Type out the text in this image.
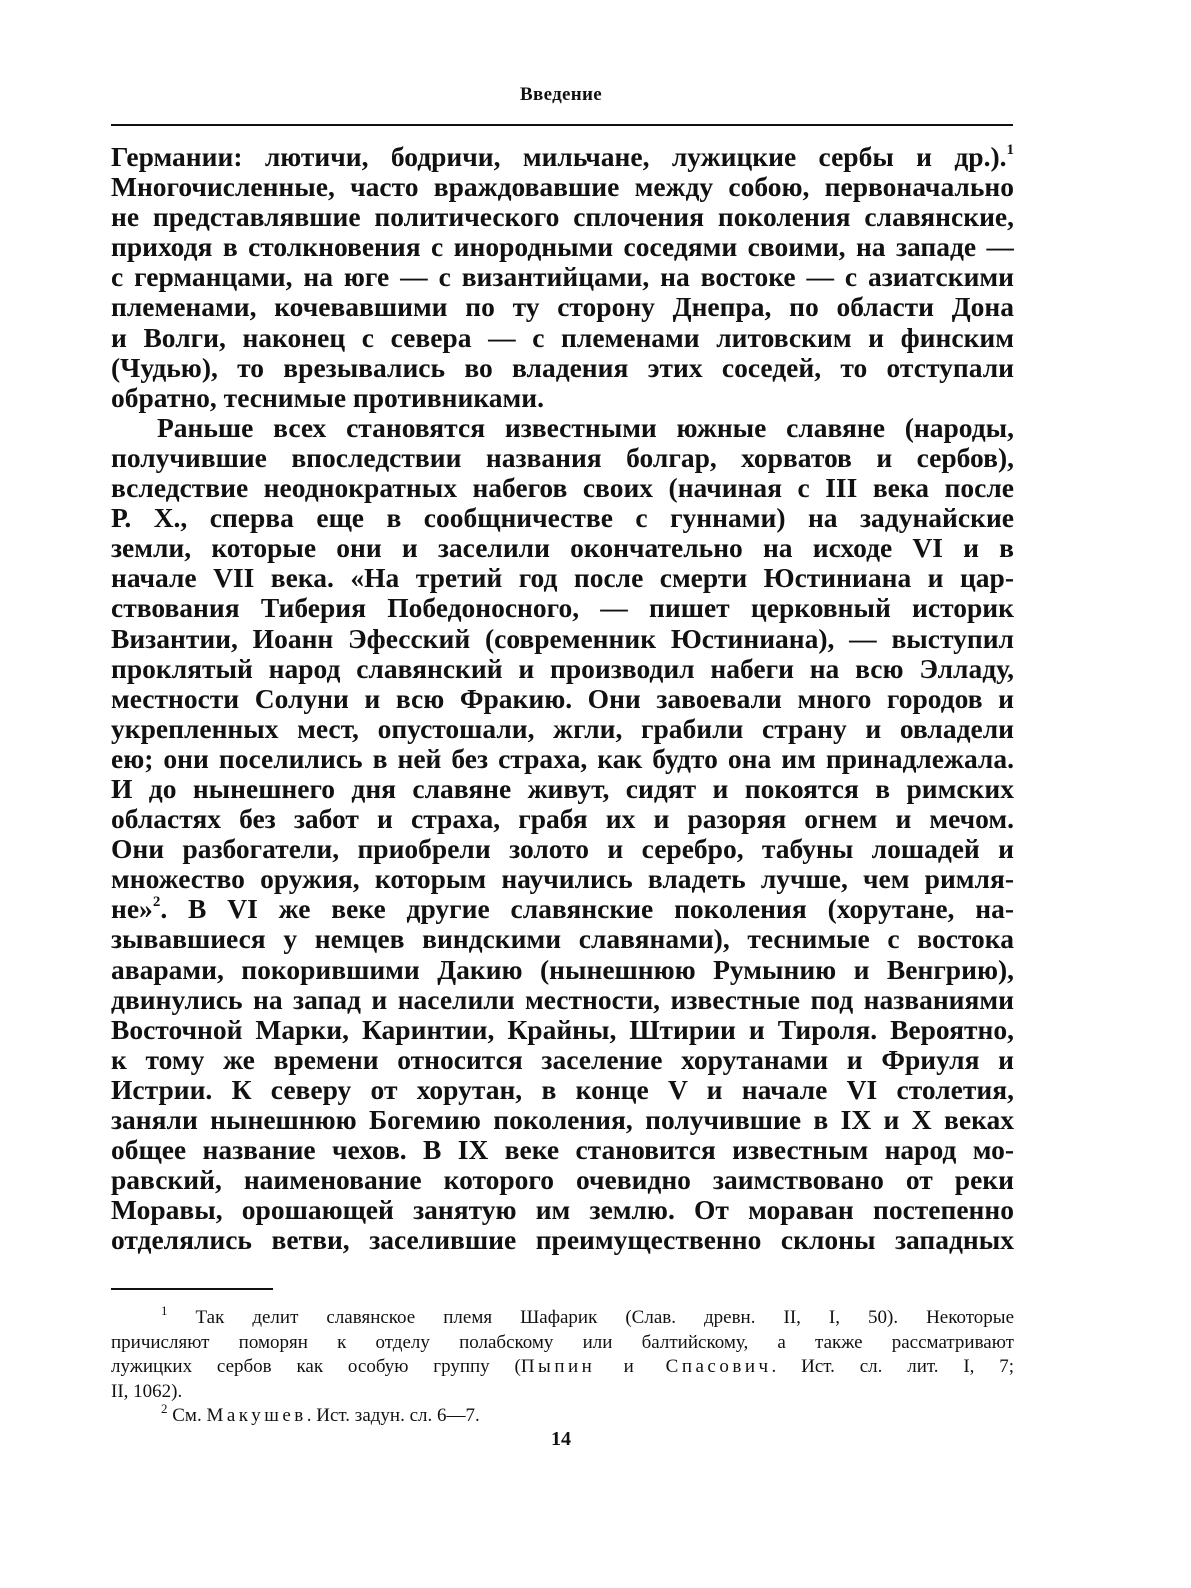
Введение
Германии: лютичи, бодричи, мильчане, лужицкие сербы и др.).$^1$
Многочисленные, часто враждовавшие между собою, первоначально
не представлявшие политического сплочения поколения славянские,
приходя в столкновения с инородными соседями своими, на западе —
с германцами, на юге — с византийцами, на востоке — с азиатскими
племенами, кочевавшими по ту сторону Днепра, по области Дона
и Волги, наконец с севера — с племенами литовским и финским
(Чудью), то врезывались во владения этих соседей, то отступали
обратно, теснимые противниками.
Раньше всех становятся известными южные славяне (народы,
получившие впоследствии названия болгар, хорватов и сербов),
вследствие неоднократных набегов своих (начиная с III века после
Р. Х., сперва еще в сообщничестве с гуннами) на задунайские
земли, которые они и заселили окончательно на исходе VI и в
начале VII века. «На третий год после смерти Юстиниана и цар-
ствования Тиберия Победоносного, — пишет церковный историк
Византии, Иоанн Эфесский (современник Юстиниана), — выступил
проклятый народ славянский и производил набеги на всю Элладу,
местности Солуни и всю Фракию. Они завоевали много городов и
укрепленных мест, опустошали, жгли, грабили страну и овладели
ею; они поселились в ней без страха, как будто она им принадлежала.
И до нынешнего дня славяне живут, сидят и покоятся в римских
областях без забот и страха, грабя их и разоряя огнем и мечом.
Они разбогатели, приобрели золото и серебро, табуны лошадей и
множество оружия, которым научились владеть лучше, чем римля-
не»$^2$. В VI же веке другие славянские поколения (хорутане, на-
зывавшиеся у немцев виндскими славянами), теснимые с востока
аварами, покорившими Дакию (нынешнюю Румынию и Венгрию),
двинулись на запад и населили местности, известные под названиями
Восточной Марки, Каринтии, Крайны, Штирии и Тироля. Вероятно,
к тому же времени относится заселение хорутанами и Фриуля и
Истрии. К северу от хорутан, в конце V и начале VI столетия,
заняли нынешнюю Богемию поколения, получившие в IX и X веках
общее название чехов. В IX веке становится известным народ мо-
равский, наименование которого очевидно заимствовано от реки
Моравы, орошающей занятую им землю. От мораван постепенно
отделялись ветви, заселившие преимущественно склоны западных
$^1$ Так делит славянское племя Шафарик (Слав. древн. II, I, 50). Некоторые
причисляют поморян к отделу полабскому или балтийскому, а также рассматривают
лужицких сербов как особую группу (Пыпин и Спасович. Ист. сл. лит. I, 7;
II, 1062).
$^2$ См. Макушев. Ист. задун. сл. 6—7.
14
